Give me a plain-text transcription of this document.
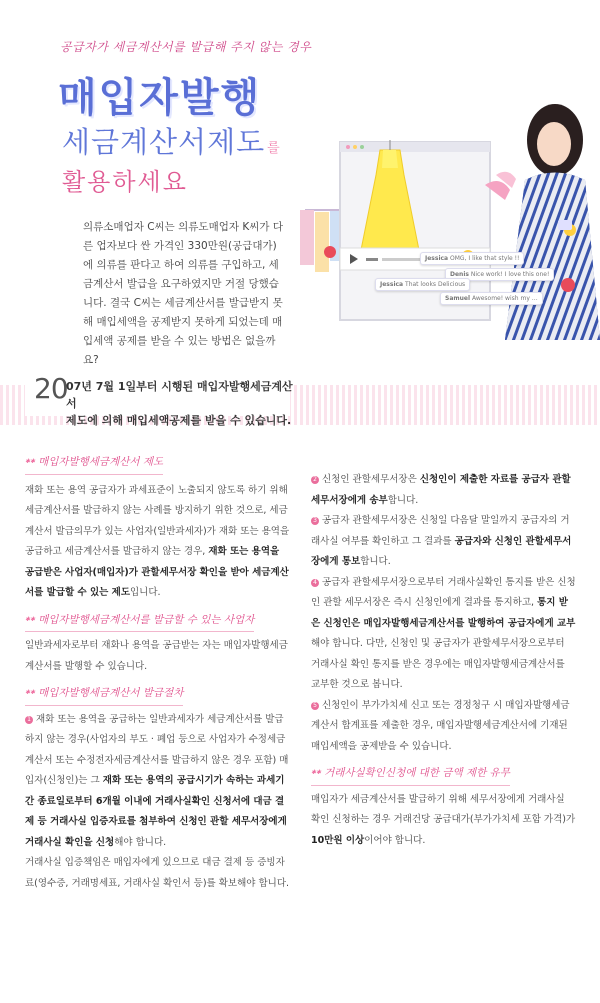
공급자가 세금계산서를 발급해 주지 않는 경우
매입자발행
세금계산서제도 를
활용하세요
의류소매업자 C씨는 의류도매업자 K씨가 다른 업자보다 싼 가격인 330만원(공급대가)에 의류를 판다고 하여 의류를 구입하고, 세금계산서 발급을 요구하였지만 거절 당했습니다. 결국 C씨는 세금계산서를 발급받지 못해 매입세액을 공제받지 못하게 되었는데 매입세액 공제를 받을 수 있는 방법은 없을까요?
Jessica OMG, I like that style !!
Denis Nice work! I love this one!
Jessica That looks Delicious
Samuel Awesome! wish my …
20
07년 7월 1일부터 시행된 매입자발행세금계산서
제도에 의해 매입세액공제를 받을 수 있습니다.
✱✱ 매입자발행세금계산서 제도

재화 또는 용역 공급자가 과세표준이 노출되지 않도록 하기 위해 세금계산서를 발급하지 않는 사례를 방지하기 위한 것으로, 세금계산서 발급의무가 있는 사업자(일반과세자)가 재화 또는 용역을 공급하고 세금계산서를 발급하지 않는 경우, 재화 또는 용역을 공급받은 사업자(매입자)가 관할세무서장 확인을 받아 세금계산서를 발급할 수 있는 제도입니다.

✱✱ 매입자발행세금계산서를 발급할 수 있는 사업자

일반과세자로부터 재화나 용역을 공급받는 자는 매입자발행세금계산서를 발행할 수 있습니다.

✱✱ 매입자발행세금계산서 발급절차

1 재화 또는 용역을 공급하는 일반과세자가 세금계산서를 발급하지 않는 경우(사업자의 부도 · 폐업 등으로 사업자가 수정세금계산서 또는 수정전자세금계산서를 발급하지 않은 경우 포함) 매입자(신청인)는 그 재화 또는 용역의 공급시기가 속하는 과세기간 종료일로부터 6개월 이내에 거래사실확인 신청서에 대금 결제 등 거래사실 입증자료를 첨부하여 신청인 관할 세무서장에게 거래사실 확인을 신청해야 합니다.

거래사실 입증책임은 매입자에게 있으므로 대금 결제 등 증빙자료(영수증, 거래명세표, 거래사실 확인서 등)를 확보해야 합니다.

2 신청인 관할세무서장은 신청인이 제출한 자료를 공급자 관할세무서장에게 송부합니다.

3 공급자 관할세무서장은 신청일 다음달 말일까지 공급자의 거래사실 여부를 확인하고 그 결과를 공급자와 신청인 관할세무서장에게 통보합니다.

4 공급자 관할세무서장으로부터 거래사실확인 통지를 받은 신청인 관할 세무서장은 즉시 신청인에게 결과를 통지하고, 통지 받은 신청인은 매입자발행세금계산서를 발행하여 공급자에게 교부해야 합니다. 다만, 신청인 및 공급자가 관할세무서장으로부터 거래사실 확인 통지를 받은 경우에는 매입자발행세금계산서를 교부한 것으로 봅니다.

5 신청인이 부가가치세 신고 또는 경정청구 시 매입자발행세금계산서 합계표를 제출한 경우, 매입자발행세금계산서에 기재된 매입세액을 공제받을 수 있습니다.

✱✱ 거래사실확인신청에 대한 금액 제한 유무

매입자가 세금계산서를 발급하기 위해 세무서장에게 거래사실 확인 신청하는 경우 거래건당 공급대가(부가가치세 포함 가격)가 10만원 이상이어야 합니다.
